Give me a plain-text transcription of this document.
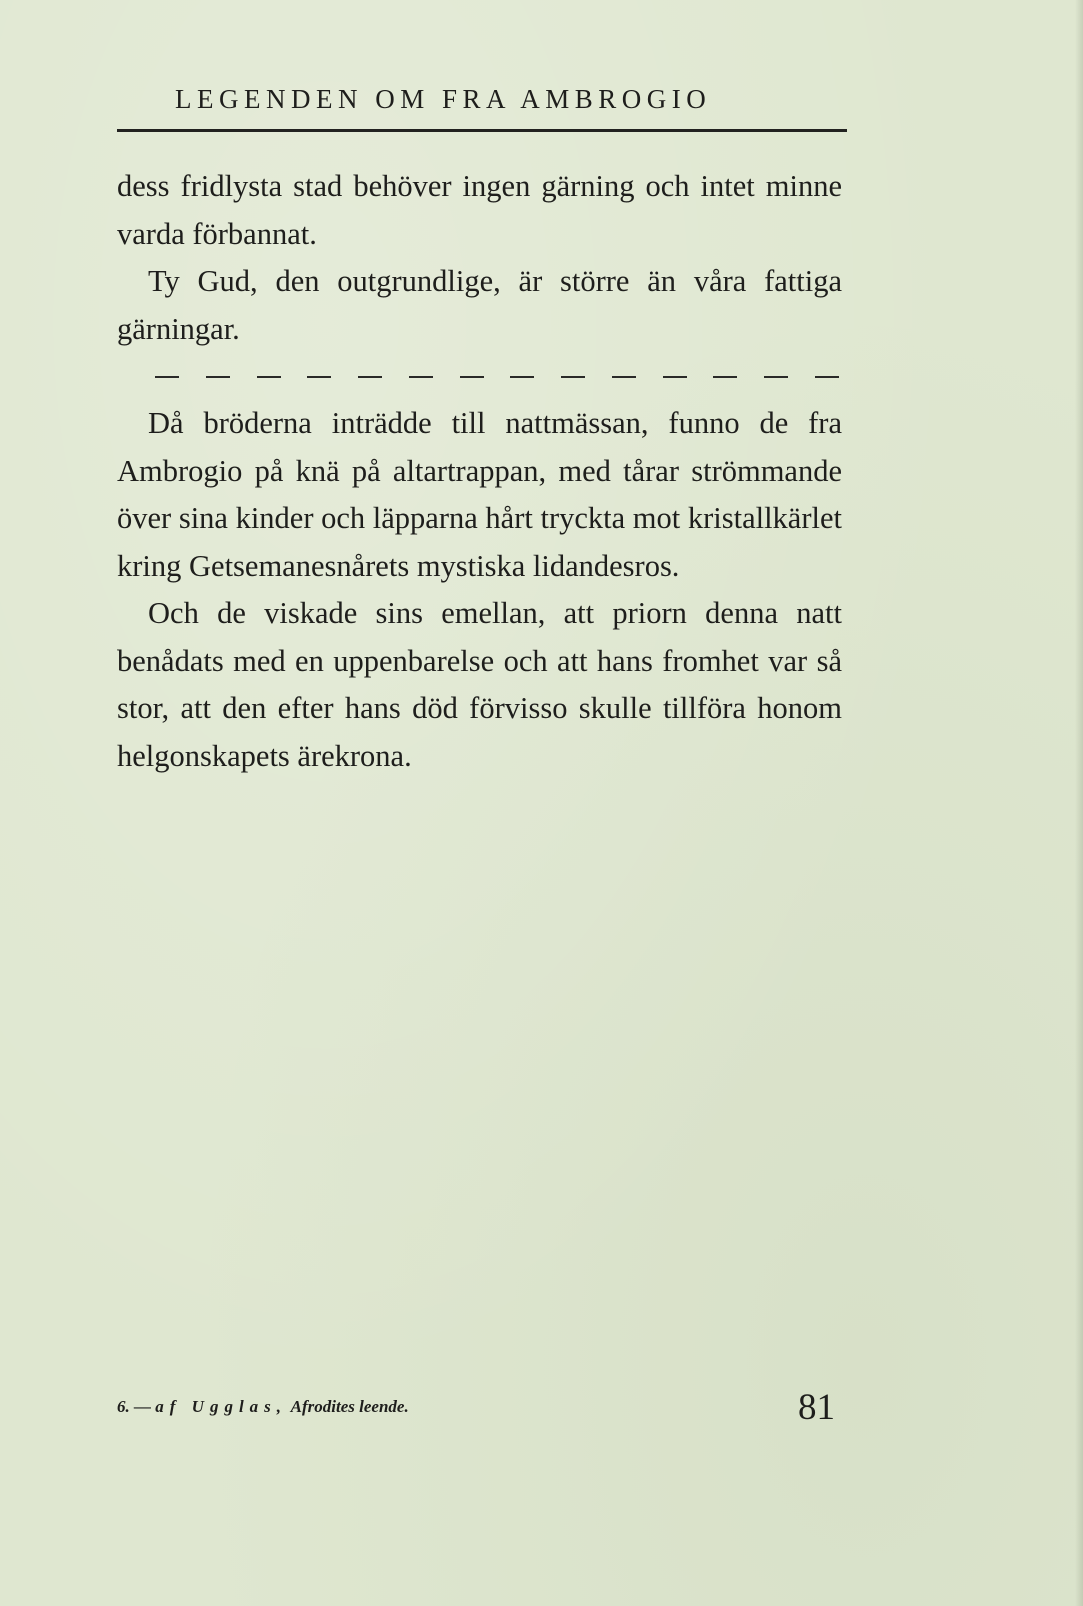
LEGENDEN OM FRA AMBROGIO

dess fridlysta stad behöver ingen gärning och intet minne varda förbannat.

Ty Gud, den outgrundlige, är större än våra fattiga gärningar.

Då bröderna inträdde till nattmässan, funno de fra Ambrogio på knä på altartrappan, med tårar strömmande över sina kinder och läpparna hårt tryckta mot kristallkärlet kring Getsemanesnårets mystiska lidandesros.

Och de viskade sins emellan, att priorn denna natt benådats med en uppenbarelse och att hans fromhet var så stor, att den efter hans död förvisso skulle tillföra honom helgonskapets ärekrona.

6. — af Ugglas, Afrodites leende.	81
